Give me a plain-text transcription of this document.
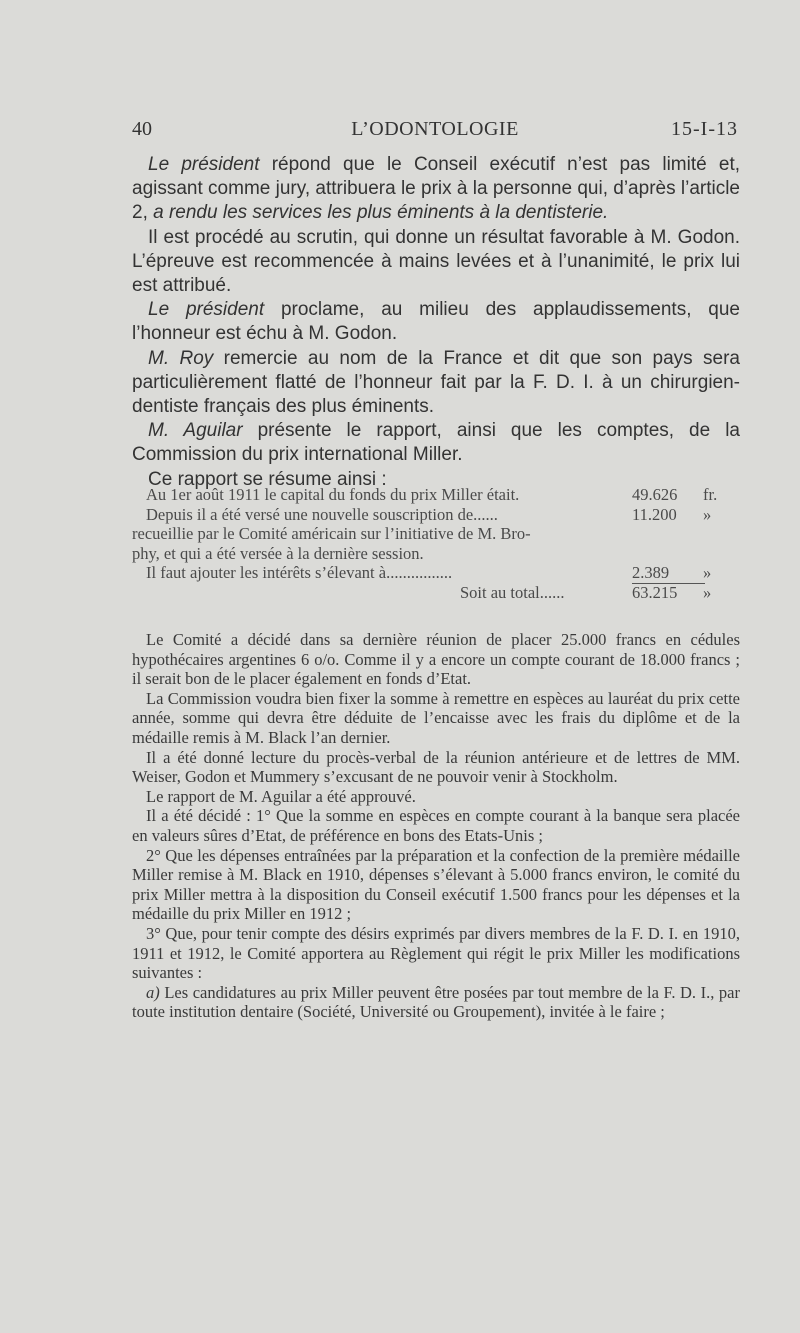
40	L’ODONTOLOGIE	15-I-13

Le président répond que le Conseil exécutif n’est pas limité et, agissant comme jury, attribuera le prix à la personne qui, d’après l’article 2, a rendu les services les plus éminents à la dentisterie.

Il est procédé au scrutin, qui donne un résultat favorable à M. Godon. L’épreuve est recommencée à mains levées et à l’unanimité, le prix lui est attribué.

Le président proclame, au milieu des applaudissements, que l’honneur est échu à M. Godon.

M. Roy remercie au nom de la France et dit que son pays sera particulièrement flatté de l’honneur fait par la F. D. I. à un chirurgien-dentiste français des plus éminents.

M. Aguilar présente le rapport, ainsi que les comptes, de la Commission du prix international Miller.

Ce rapport se résume ainsi :

Au 1er août 1911 le capital du fonds du prix Miller était.	49.626 fr.
Depuis il a été versé une nouvelle souscription de......	11.200 »
recueillie par le Comité américain sur l’initiative de M. Bro-
phy, et qui a été versée à la dernière session.
Il faut ajouter les intérêts s’élevant à................	2.389	»
Soit au total......	63.215 »

Le Comité a décidé dans sa dernière réunion de placer 25.000 francs en cédules hypothécaires argentines 6 o/o. Comme il y a encore un compte courant de 18.000 francs ; il serait bon de le placer également en fonds d’Etat.

La Commission voudra bien fixer la somme à remettre en espèces au lauréat du prix cette année, somme qui devra être déduite de l’encaisse avec les frais du diplôme et de la médaille remis à M. Black l’an dernier.

Il a été donné lecture du procès-verbal de la réunion antérieure et de lettres de MM. Weiser, Godon et Mummery s’excusant de ne pouvoir venir à Stockholm.

Le rapport de M. Aguilar a été approuvé.

Il a été décidé : 1° Que la somme en espèces en compte courant à la banque sera placée en valeurs sûres d’Etat, de préférence en bons des Etats-Unis ;

2° Que les dépenses entraînées par la préparation et la confection de la première médaille Miller remise à M. Black en 1910, dépenses s’élevant à 5.000 francs environ, le comité du prix Miller mettra à la disposition du Conseil exécutif 1.500 francs pour les dépenses et la médaille du prix Miller en 1912 ;

3° Que, pour tenir compte des désirs exprimés par divers membres de la F. D. I. en 1910, 1911 et 1912, le Comité apportera au Règlement qui régit le prix Miller les modifications suivantes :

a) Les candidatures au prix Miller peuvent être posées par tout membre de la F. D. I., par toute institution dentaire (Société, Université ou Groupement), invitée à le faire ;
